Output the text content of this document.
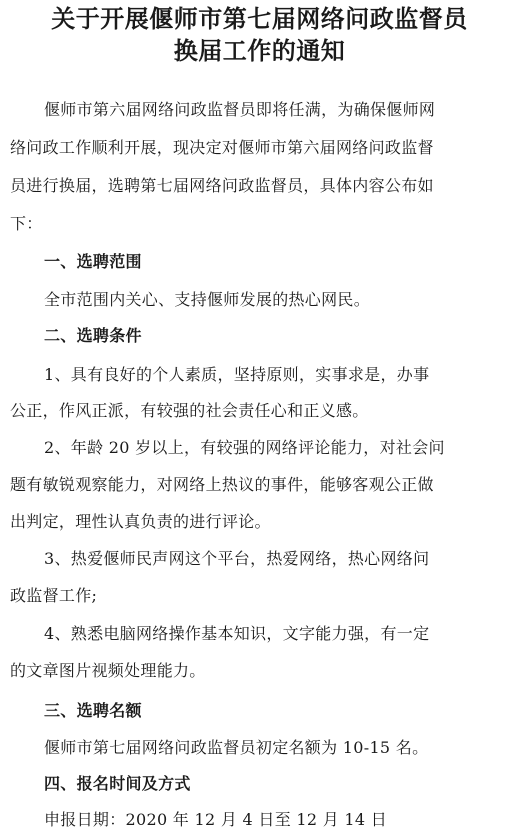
关于开展偃师市第七届网络问政监督员
换届工作的通知
偃师市第六届网络问政监督员即将任满，为确保偃师网
络问政工作顺利开展，现决定对偃师市第六届网络问政监督
员进行换届，选聘第七届网络问政监督员，具体内容公布如
下：
一、选聘范围
全市范围内关心、支持偃师发展的热心网民。
二、选聘条件
1、具有良好的个人素质，坚持原则，实事求是，办事
公正，作风正派，有较强的社会责任心和正义感。
2、年龄 20 岁以上，有较强的网络评论能力，对社会问
题有敏锐观察能力，对网络上热议的事件，能够客观公正做
出判定，理性认真负责的进行评论。
3、热爱偃师民声网这个平台，热爱网络，热心网络问
政监督工作;
4、熟悉电脑网络操作基本知识，文字能力强，有一定
的文章图片视频处理能力。
三、选聘名额
偃师市第七届网络问政监督员初定名额为 10-15 名。
四、报名时间及方式
申报日期：2020 年 12 月 4 日至 12 月 14 日
